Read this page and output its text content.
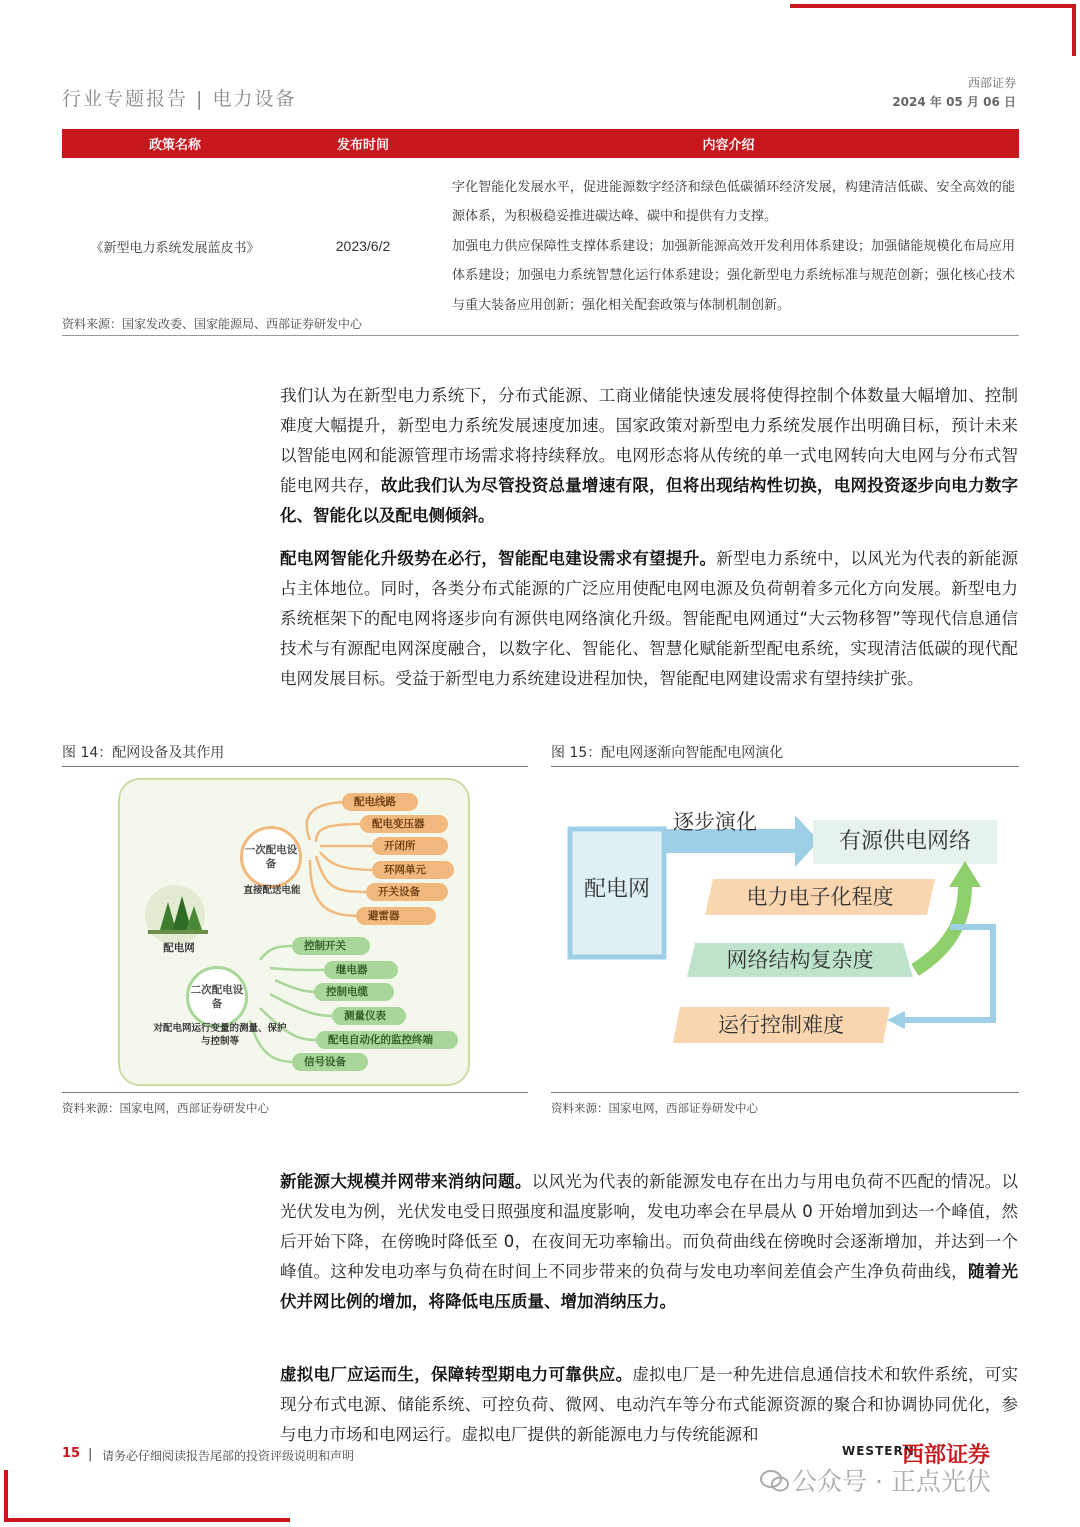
行业专题报告 | 电力设备
西部证券
2024 年 05 月 06 日
政策名称	发布时间	内容介绍
《新型电力系统发展蓝皮书》	2023/6/2	字化智能化发展水平，促进能源数字经济和绿色低碳循环经济发展，构建清洁低碳、安全高效的能源体系，为积极稳妥推进碳达峰、碳中和提供有力支撑。
加强电力供应保障性支撑体系建设；加强新能源高效开发利用体系建设；加强储能规模化布局应用体系建设；加强电力系统智慧化运行体系建设；强化新型电力系统标准与规范创新；强化核心技术与重大装备应用创新；强化相关配套政策与体制机制创新。
资料来源：国家发改委、国家能源局、西部证券研发中心
我们认为在新型电力系统下，分布式能源、工商业储能快速发展将使得控制个体数量大幅增加、控制难度大幅提升，新型电力系统发展速度加速。国家政策对新型电力系统发展作出明确目标，预计未来以智能电网和能源管理市场需求将持续释放。电网形态将从传统的单一式电网转向大电网与分布式智能电网共存，故此我们认为尽管投资总量增速有限，但将出现结构性切换，电网投资逐步向电力数字化、智能化以及配电侧倾斜。
配电网智能化升级势在必行，智能配电建设需求有望提升。新型电力系统中，以风光为代表的新能源占主体地位。同时，各类分布式能源的广泛应用使配电网电源及负荷朝着多元化方向发展。新型电力系统框架下的配电网将逐步向有源供电网络演化升级。智能配电网通过“大云物移智”等现代信息通信技术与有源配电网深度融合，以数字化、智能化、智慧化赋能新型配电系统，实现清洁低碳的现代配电网发展目标。受益于新型电力系统建设进程加快，智能配电网建设需求有望持续扩张。
图 14：配网设备及其作用	图 15：配电网逐渐向智能配电网演化
一次配电设备
直接配送电能
配电网
二次配电设备
对配电网运行变量的测量、保护与控制等
配电线路
配电变压器
开闭所
环网单元
开关设备
避雷器
控制开关
继电器
控制电缆
测量仪表
配电自动化的监控终端
信号设备
配电网
逐步演化
有源供电网络
电力电子化程度
网络结构复杂度
运行控制难度
资料来源：国家电网，西部证券研发中心	资料来源：国家电网，西部证券研发中心
新能源大规模并网带来消纳问题。以风光为代表的新能源发电存在出力与用电负荷不匹配的情况。以光伏发电为例，光伏发电受日照强度和温度影响，发电功率会在早晨从 0 开始增加到达一个峰值，然后开始下降，在傍晚时降低至 0，在夜间无功率输出。而负荷曲线在傍晚时会逐渐增加，并达到一个峰值。这种发电功率与负荷在时间上不同步带来的负荷与发电功率间差值会产生净负荷曲线，随着光伏并网比例的增加，将降低电压质量、增加消纳压力。
虚拟电厂应运而生，保障转型期电力可靠供应。虚拟电厂是一种先进信息通信技术和软件系统，可实现分布式电源、储能系统、可控负荷、微网、电动汽车等分布式能源资源的聚合和协调协同优化，参与电力市场和电网运行。虚拟电厂提供的新能源电力与传统能源和
15 | 请务必仔细阅读报告尾部的投资评级说明和声明
公众号 · 正点光伏
WESTERN
西部证券
